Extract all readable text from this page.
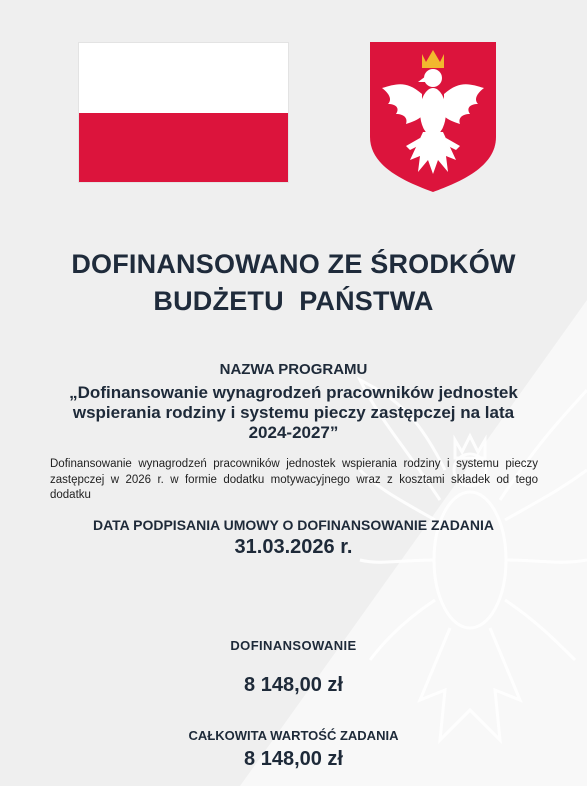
DOFINANSOWANO ZE ŚRODKÓW
BUDŻETU  PAŃSTWA
NAZWA PROGRAMU
„Dofinansowanie wynagrodzeń pracowników jednostek wspierania rodziny i systemu pieczy zastępczej na lata 2024-2027”
Dofinansowanie wynagrodzeń pracowników jednostek wspierania rodziny i systemu pieczy zastępczej w 2026 r. w formie dodatku motywacyjnego wraz z kosztami składek od tego dodatku
DATA PODPISANIA UMOWY O DOFINANSOWANIE ZADANIA
31.03.2026 r.
DOFINANSOWANIE
8 148,00 zł
CAŁKOWITA WARTOŚĆ ZADANIA
8 148,00 zł
